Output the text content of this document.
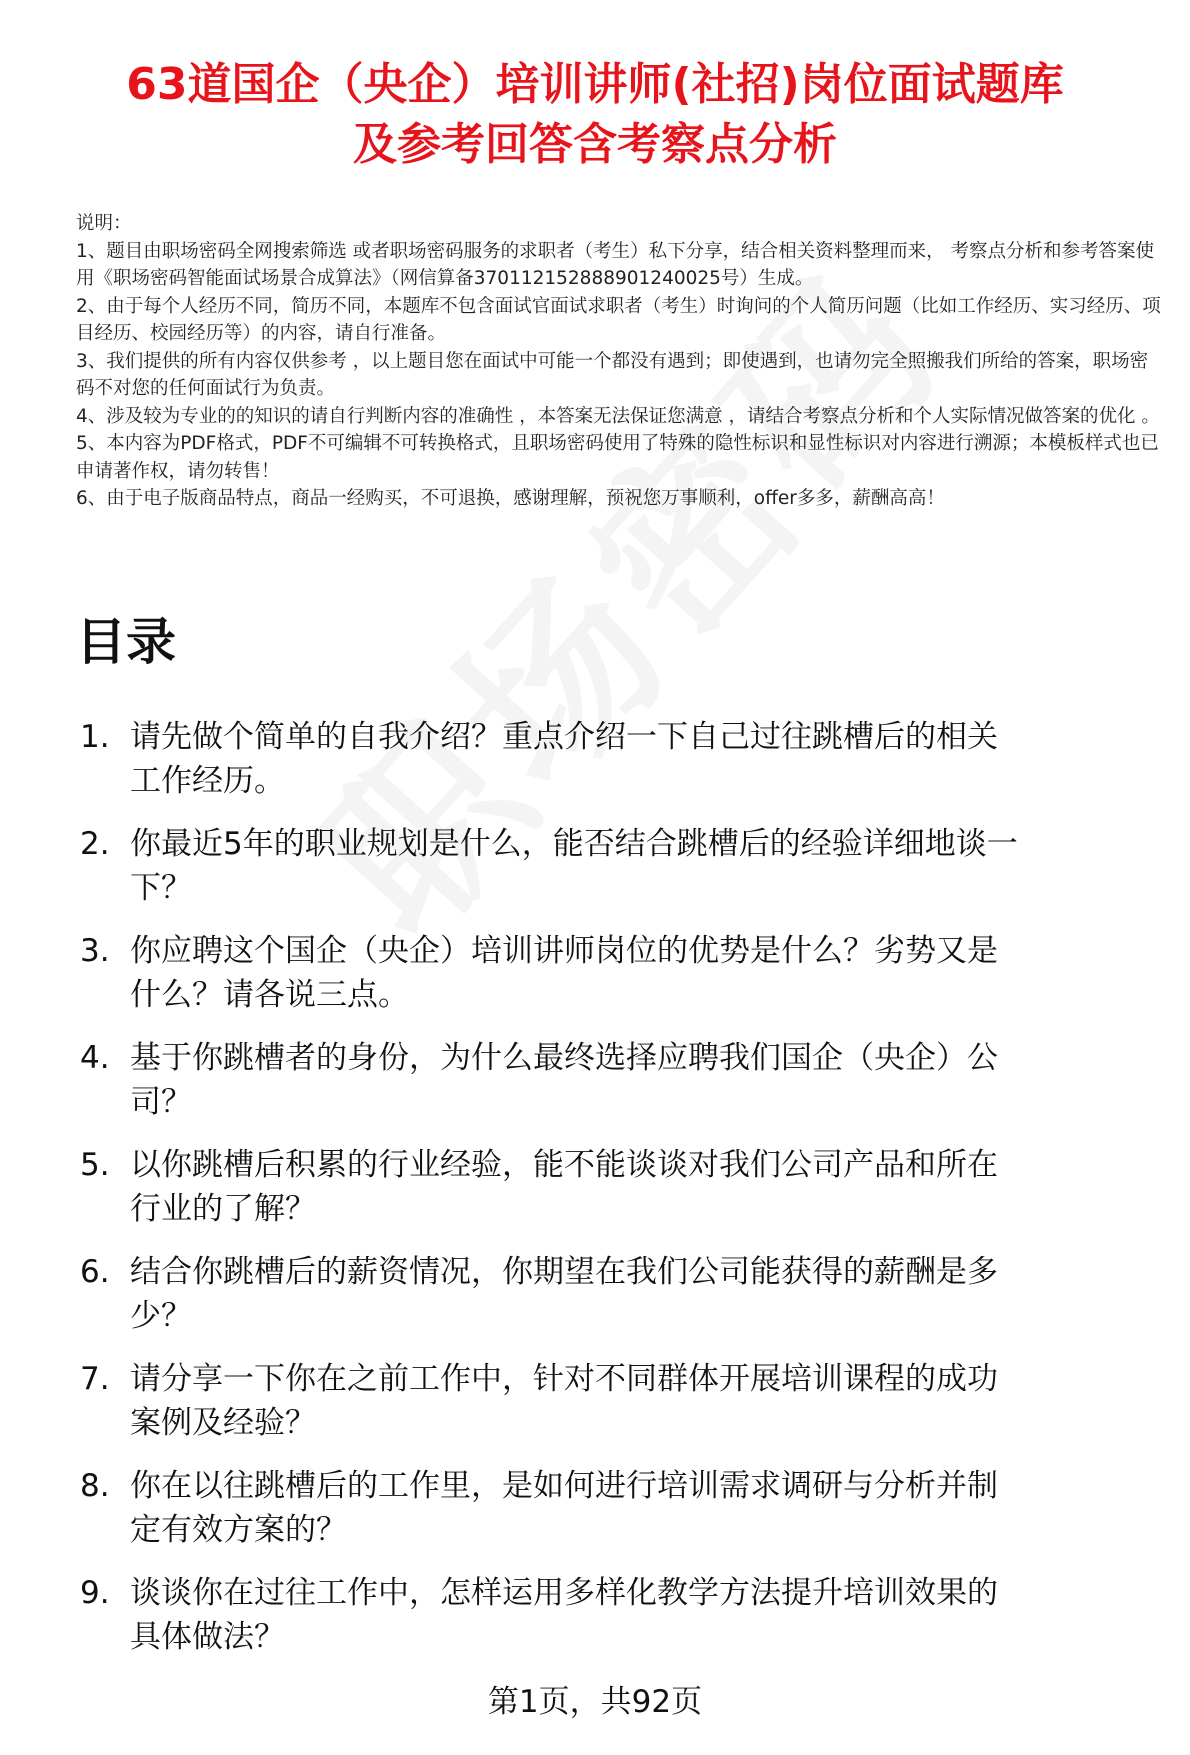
63道国企（央企）培训讲师(社招)岗位面试题库
及参考回答含考察点分析

说明：

1、题目由职场密码全网搜索筛选 或者职场密码服务的求职者（考生）私下分享，结合相关资料整理而来， 考察点分析和参考答案使用《职场密码智能面试场景合成算法》（网信算备370112152888901240025号）生成。

2、由于每个人经历不同，简历不同，本题库不包含面试官面试求职者（考生）时询问的个人简历问题（比如工作经历、实习经历、项目经历、校园经历等）的内容，请自行准备。

3、我们提供的所有内容仅供参考 ，以上题目您在面试中可能一个都没有遇到；即使遇到，也请勿完全照搬我们所给的答案，职场密码不对您的任何面试行为负责。

4、涉及较为专业的的知识的请自行判断内容的准确性 ，本答案无法保证您满意 ，请结合考察点分析和个人实际情况做答案的优化 。

5、本内容为PDF格式，PDF不可编辑不可转换格式，且职场密码使用了特殊的隐性标识和显性标识对内容进行溯源；本模板样式也已申请著作权，请勿转售！

6、由于电子版商品特点，商品一经购买，不可退换，感谢理解，预祝您万事顺利，offer多多，薪酬高高！

目录
1. 请先做个简单的自我介绍？重点介绍一下自己过往跳槽后的相关
工作经历。
2. 你最近5年的职业规划是什么，能否结合跳槽后的经验详细地谈一
下？
3. 你应聘这个国企（央企）培训讲师岗位的优势是什么？劣势又是
什么？请各说三点。
4. 基于你跳槽者的身份，为什么最终选择应聘我们国企（央企）公
司？
5. 以你跳槽后积累的行业经验，能不能谈谈对我们公司产品和所在
行业的了解？
6. 结合你跳槽后的薪资情况，你期望在我们公司能获得的薪酬是多
少？
7. 请分享一下你在之前工作中，针对不同群体开展培训课程的成功
案例及经验？
8. 你在以往跳槽后的工作里，是如何进行培训需求调研与分析并制
定有效方案的？
9. 谈谈你在过往工作中，怎样运用多样化教学方法提升培训效果的
具体做法？
第1页，共92页
